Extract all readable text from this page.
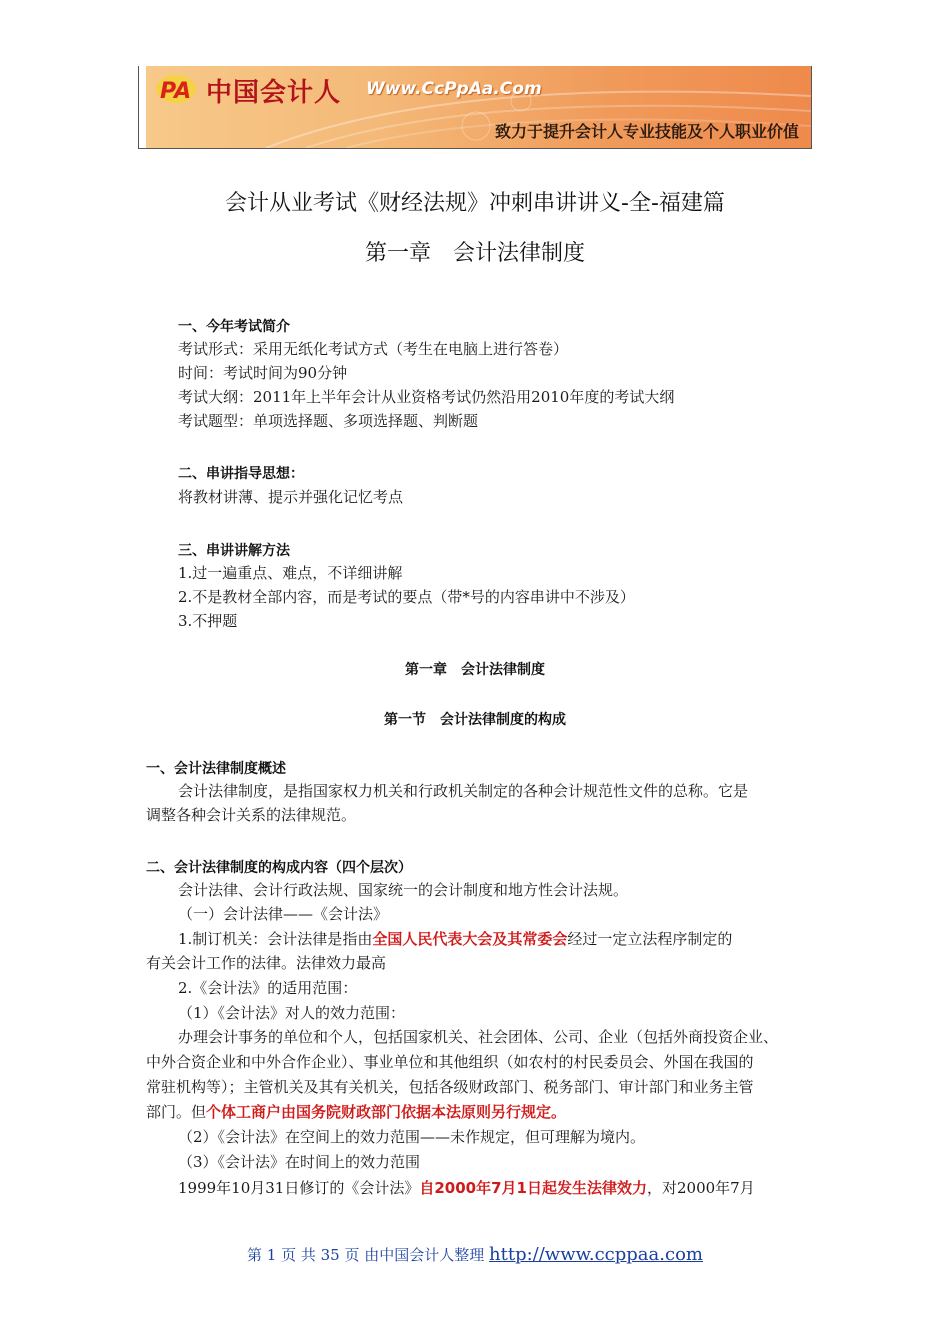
PA 中国会计人 Www.CcPpAa.Com
致力于提升会计人专业技能及个人职业价值
会计从业考试《财经法规》冲刺串讲讲义-全-福建篇
第一章　会计法律制度

一、今年考试简介

考试形式：采用无纸化考试方式（考生在电脑上进行答卷）

时间：考试时间为90分钟

考试大纲：2011年上半年会计从业资格考试仍然沿用2010年度的考试大纲

考试题型：单项选择题、多项选择题、判断题

二、串讲指导思想：

将教材讲薄、提示并强化记忆考点

三、串讲讲解方法

1.过一遍重点、难点，不详细讲解

2.不是教材全部内容，而是考试的要点（带*号的内容串讲中不涉及）

3.不押题

第一章　会计法律制度

第一节　会计法律制度的构成

一、会计法律制度概述

会计法律制度，是指国家权力机关和行政机关制定的各种会计规范性文件的总称。它是

调整各种会计关系的法律规范。

二、会计法律制度的构成内容（四个层次）

会计法律、会计行政法规、国家统一的会计制度和地方性会计法规。

（一）会计法律——《会计法》

1.制订机关：会计法律是指由全国人民代表大会及其常委会经过一定立法程序制定的

有关会计工作的法律。法律效力最高

2.《会计法》的适用范围：

（1）《会计法》对人的效力范围：

办理会计事务的单位和个人，包括国家机关、社会团体、公司、企业（包括外商投资企业、

中外合资企业和中外合作企业）、事业单位和其他组织（如农村的村民委员会、外国在我国的

常驻机构等）；主管机关及其有关机关，包括各级财政部门、税务部门、审计部门和业务主管

部门。但个体工商户由国务院财政部门依据本法原则另行规定。

（2）《会计法》在空间上的效力范围——未作规定，但可理解为境内。

（3）《会计法》在时间上的效力范围

1999年10月31日修订的《会计法》自2000年7月1日起发生法律效力，对2000年7月

第 1 页 共 35 页 由中国会计人整理 http://www.ccppaa.com
